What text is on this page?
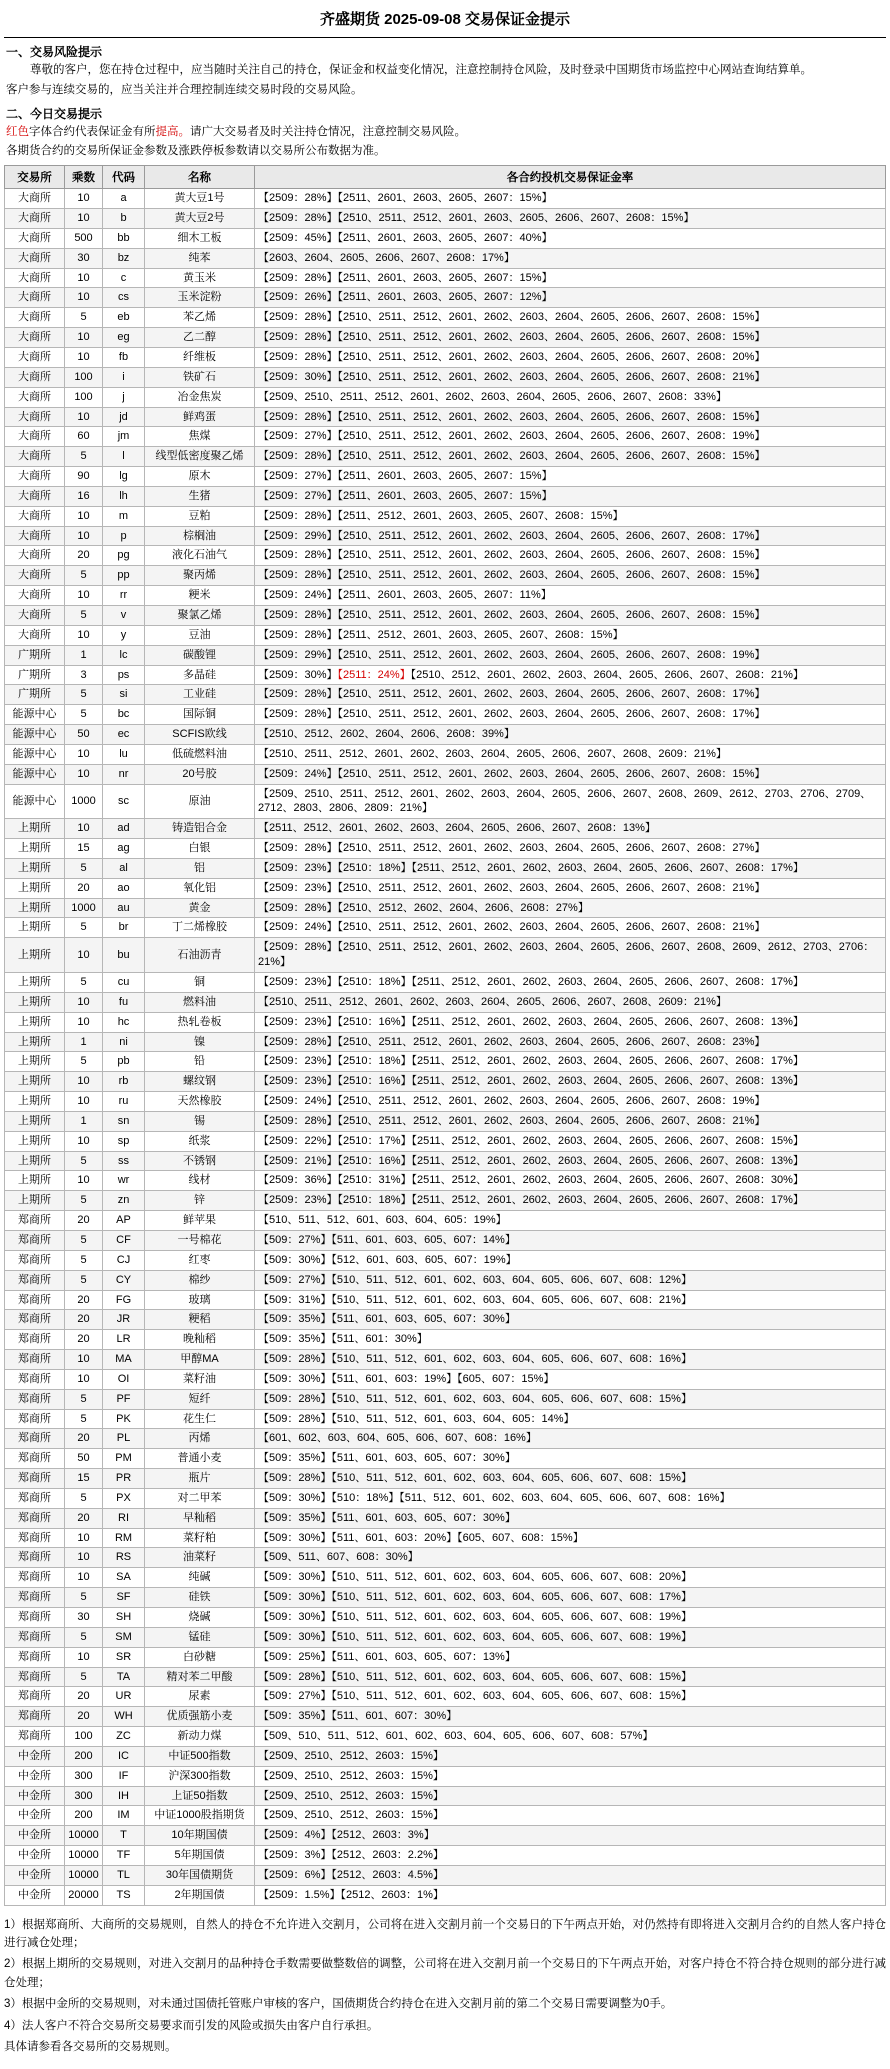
齐盛期货 2025-09-08 交易保证金提示
一、交易风险提示
尊敬的客户，您在持仓过程中，应当随时关注自己的持仓，保证金和权益变化情况，注意控制持仓风险，及时登录中国期货市场监控中心网站查询结算单。
客户参与连续交易的，应当关注并合理控制连续交易时段的交易风险。
二、今日交易提示
红色字体合约代表保证金有所提高。请广大交易者及时关注持仓情况，注意控制交易风险。
各期货合约的交易所保证金参数及涨跌停板参数请以交易所公布数据为准。
交易所	乘数	代码	名称	各合约投机交易保证金率
大商所	10	a	黄大豆1号	【2509：28%】【2511、2601、2603、2605、2607：15%】
大商所	10	b	黄大豆2号	【2509：28%】【2510、2511、2512、2601、2603、2605、2606、2607、2608：15%】
大商所	500	bb	细木工板	【2509：45%】【2511、2601、2603、2605、2607：40%】
大商所	30	bz	纯苯	【2603、2604、2605、2606、2607、2608：17%】
大商所	10	c	黄玉米	【2509：28%】【2511、2601、2603、2605、2607：15%】
大商所	10	cs	玉米淀粉	【2509：26%】【2511、2601、2603、2605、2607：12%】
大商所	5	eb	苯乙烯	【2509：28%】【2510、2511、2512、2601、2602、2603、2604、2605、2606、2607、2608：15%】
大商所	10	eg	乙二醇	【2509：28%】【2510、2511、2512、2601、2602、2603、2604、2605、2606、2607、2608：15%】
大商所	10	fb	纤维板	【2509：28%】【2510、2511、2512、2601、2602、2603、2604、2605、2606、2607、2608：20%】
大商所	100	i	铁矿石	【2509：30%】【2510、2511、2512、2601、2602、2603、2604、2605、2606、2607、2608：21%】
大商所	100	j	冶金焦炭	【2509、2510、2511、2512、2601、2602、2603、2604、2605、2606、2607、2608：33%】
大商所	10	jd	鲜鸡蛋	【2509：28%】【2510、2511、2512、2601、2602、2603、2604、2605、2606、2607、2608：15%】
大商所	60	jm	焦煤	【2509：27%】【2510、2511、2512、2601、2602、2603、2604、2605、2606、2607、2608：19%】
大商所	5	l	线型低密度聚乙烯	【2509：28%】【2510、2511、2512、2601、2602、2603、2604、2605、2606、2607、2608：15%】
大商所	90	lg	原木	【2509：27%】【2511、2601、2603、2605、2607：15%】
大商所	16	lh	生猪	【2509：27%】【2511、2601、2603、2605、2607：15%】
大商所	10	m	豆粕	【2509：28%】【2511、2512、2601、2603、2605、2607、2608：15%】
大商所	10	p	棕榈油	【2509：29%】【2510、2511、2512、2601、2602、2603、2604、2605、2606、2607、2608：17%】
大商所	20	pg	液化石油气	【2509：28%】【2510、2511、2512、2601、2602、2603、2604、2605、2606、2607、2608：15%】
大商所	5	pp	聚丙烯	【2509：28%】【2510、2511、2512、2601、2602、2603、2604、2605、2606、2607、2608：15%】
大商所	10	rr	粳米	【2509：24%】【2511、2601、2603、2605、2607：11%】
大商所	5	v	聚氯乙烯	【2509：28%】【2510、2511、2512、2601、2602、2603、2604、2605、2606、2607、2608：15%】
大商所	10	y	豆油	【2509：28%】【2511、2512、2601、2603、2605、2607、2608：15%】
广期所	1	lc	碳酸锂	【2509：29%】【2510、2511、2512、2601、2602、2603、2604、2605、2606、2607、2608：19%】
广期所	3	ps	多晶硅	【2509：30%】【2511：24%】【2510、2512、2601、2602、2603、2604、2605、2606、2607、2608：21%】
广期所	5	si	工业硅	【2509：28%】【2510、2511、2512、2601、2602、2603、2604、2605、2606、2607、2608：17%】
能源中心	5	bc	国际铜	【2509：28%】【2510、2511、2512、2601、2602、2603、2604、2605、2606、2607、2608：17%】
能源中心	50	ec	SCFIS欧线	【2510、2512、2602、2604、2606、2608：39%】
能源中心	10	lu	低硫燃料油	【2510、2511、2512、2601、2602、2603、2604、2605、2606、2607、2608、2609：21%】
能源中心	10	nr	20号胶	【2509：24%】【2510、2511、2512、2601、2602、2603、2604、2605、2606、2607、2608：15%】
能源中心	1000	sc	原油	【2509、2510、2511、2512、2601、2602、2603、2604、2605、2606、2607、2608、2609、2612、2703、2706、2709、2712、2803、2806、2809：21%】
上期所	10	ad	铸造铝合金	【2511、2512、2601、2602、2603、2604、2605、2606、2607、2608：13%】
上期所	15	ag	白银	【2509：28%】【2510、2511、2512、2601、2602、2603、2604、2605、2606、2607、2608：27%】
上期所	5	al	铝	【2509：23%】【2510：18%】【2511、2512、2601、2602、2603、2604、2605、2606、2607、2608：17%】
上期所	20	ao	氧化铝	【2509：23%】【2510、2511、2512、2601、2602、2603、2604、2605、2606、2607、2608：21%】
上期所	1000	au	黄金	【2509：28%】【2510、2512、2602、2604、2606、2608：27%】
上期所	5	br	丁二烯橡胶	【2509：24%】【2510、2511、2512、2601、2602、2603、2604、2605、2606、2607、2608：21%】
上期所	10	bu	石油沥青	【2509：28%】【2510、2511、2512、2601、2602、2603、2604、2605、2606、2607、2608、2609、2612、2703、2706：21%】
上期所	5	cu	铜	【2509：23%】【2510：18%】【2511、2512、2601、2602、2603、2604、2605、2606、2607、2608：17%】
上期所	10	fu	燃料油	【2510、2511、2512、2601、2602、2603、2604、2605、2606、2607、2608、2609：21%】
上期所	10	hc	热轧卷板	【2509：23%】【2510：16%】【2511、2512、2601、2602、2603、2604、2605、2606、2607、2608：13%】
上期所	1	ni	镍	【2509：28%】【2510、2511、2512、2601、2602、2603、2604、2605、2606、2607、2608：23%】
上期所	5	pb	铅	【2509：23%】【2510：18%】【2511、2512、2601、2602、2603、2604、2605、2606、2607、2608：17%】
上期所	10	rb	螺纹钢	【2509：23%】【2510：16%】【2511、2512、2601、2602、2603、2604、2605、2606、2607、2608：13%】
上期所	10	ru	天然橡胶	【2509：24%】【2510、2511、2512、2601、2602、2603、2604、2605、2606、2607、2608：19%】
上期所	1	sn	锡	【2509：28%】【2510、2511、2512、2601、2602、2603、2604、2605、2606、2607、2608：21%】
上期所	10	sp	纸浆	【2509：22%】【2510：17%】【2511、2512、2601、2602、2603、2604、2605、2606、2607、2608：15%】
上期所	5	ss	不锈钢	【2509：21%】【2510：16%】【2511、2512、2601、2602、2603、2604、2605、2606、2607、2608：13%】
上期所	10	wr	线材	【2509：36%】【2510：31%】【2511、2512、2601、2602、2603、2604、2605、2606、2607、2608：30%】
上期所	5	zn	锌	【2509：23%】【2510：18%】【2511、2512、2601、2602、2603、2604、2605、2606、2607、2608：17%】
郑商所	20	AP	鲜苹果	【510、511、512、601、603、604、605：19%】
郑商所	5	CF	一号棉花	【509：27%】【511、601、603、605、607：14%】
郑商所	5	CJ	红枣	【509：30%】【512、601、603、605、607：19%】
郑商所	5	CY	棉纱	【509：27%】【510、511、512、601、602、603、604、605、606、607、608：12%】
郑商所	20	FG	玻璃	【509：31%】【510、511、512、601、602、603、604、605、606、607、608：21%】
郑商所	20	JR	粳稻	【509：35%】【511、601、603、605、607：30%】
郑商所	20	LR	晚籼稻	【509：35%】【511、601：30%】
郑商所	10	MA	甲醇MA	【509：28%】【510、511、512、601、602、603、604、605、606、607、608：16%】
郑商所	10	OI	菜籽油	【509：30%】【511、601、603：19%】【605、607：15%】
郑商所	5	PF	短纤	【509：28%】【510、511、512、601、602、603、604、605、606、607、608：15%】
郑商所	5	PK	花生仁	【509：28%】【510、511、512、601、603、604、605：14%】
郑商所	20	PL	丙烯	【601、602、603、604、605、606、607、608：16%】
郑商所	50	PM	普通小麦	【509：35%】【511、601、603、605、607：30%】
郑商所	15	PR	瓶片	【509：28%】【510、511、512、601、602、603、604、605、606、607、608：15%】
郑商所	5	PX	对二甲苯	【509：30%】【510：18%】【511、512、601、602、603、604、605、606、607、608：16%】
郑商所	20	RI	早籼稻	【509：35%】【511、601、603、605、607：30%】
郑商所	10	RM	菜籽粕	【509：30%】【511、601、603：20%】【605、607、608：15%】
郑商所	10	RS	油菜籽	【509、511、607、608：30%】
郑商所	10	SA	纯碱	【509：30%】【510、511、512、601、602、603、604、605、606、607、608：20%】
郑商所	5	SF	硅铁	【509：30%】【510、511、512、601、602、603、604、605、606、607、608：17%】
郑商所	30	SH	烧碱	【509：30%】【510、511、512、601、602、603、604、605、606、607、608：19%】
郑商所	5	SM	锰硅	【509：30%】【510、511、512、601、602、603、604、605、606、607、608：19%】
郑商所	10	SR	白砂糖	【509：25%】【511、601、603、605、607：13%】
郑商所	5	TA	精对苯二甲酸	【509：28%】【510、511、512、601、602、603、604、605、606、607、608：15%】
郑商所	20	UR	尿素	【509：27%】【510、511、512、601、602、603、604、605、606、607、608：15%】
郑商所	20	WH	优质强筋小麦	【509：35%】【511、601、607：30%】
郑商所	100	ZC	新动力煤	【509、510、511、512、601、602、603、604、605、606、607、608：57%】
中金所	200	IC	中证500指数	【2509、2510、2512、2603：15%】
中金所	300	IF	沪深300指数	【2509、2510、2512、2603：15%】
中金所	300	IH	上证50指数	【2509、2510、2512、2603：15%】
中金所	200	IM	中证1000股指期货	【2509、2510、2512、2603：15%】
中金所	10000	T	10年期国债	【2509：4%】【2512、2603：3%】
中金所	10000	TF	5年期国债	【2509：3%】【2512、2603：2.2%】
中金所	10000	TL	30年国债期货	【2509：6%】【2512、2603：4.5%】
中金所	20000	TS	2年期国债	【2509：1.5%】【2512、2603：1%】

1）根据郑商所、大商所的交易规则，自然人的持仓不允许进入交割月，公司将在进入交割月前一个交易日的下午两点开始，对仍然持有即将进入交割月合约的自然人客户持仓进行减仓处理；

2）根据上期所的交易规则，对进入交割月的品种持仓手数需要做整数倍的调整，公司将在进入交割月前一个交易日的下午两点开始，对客户持仓不符合持仓规则的部分进行减仓处理；

3）根据中金所的交易规则，对未通过国债托管账户审核的客户，国债期货合约持仓在进入交割月前的第二个交易日需要调整为0手。

4）法人客户不符合交易所交易要求而引发的风险或损失由客户自行承担。

具体请参看各交易所的交易规则。
